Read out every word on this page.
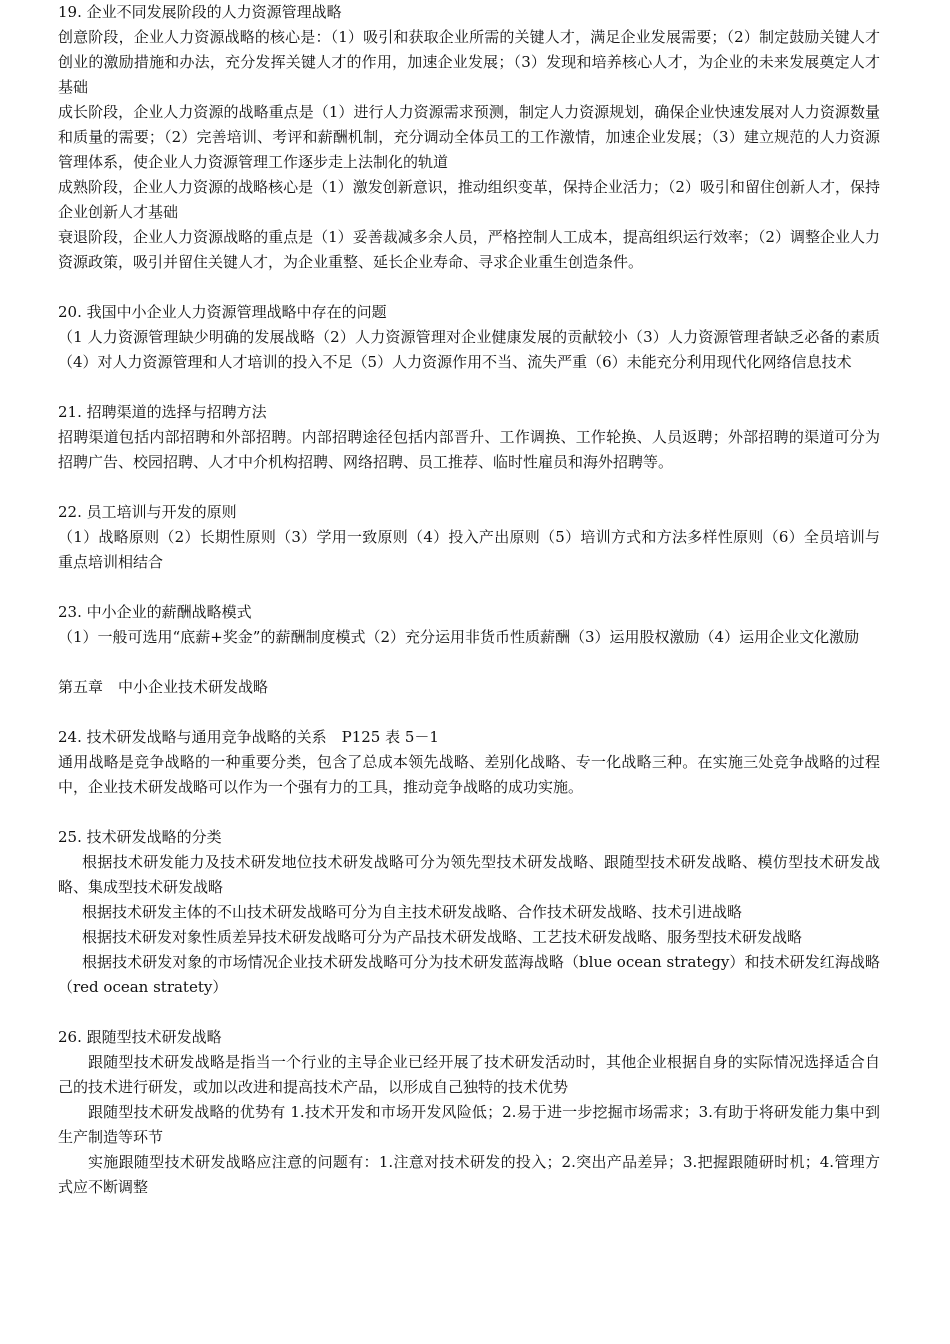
19. 企业不同发展阶段的人力资源管理战略

创意阶段，企业人力资源战略的核心是：（1）吸引和获取企业所需的关键人才，满足企业发展需要；（2）制定鼓励关键人才创业的激励措施和办法，充分发挥关键人才的作用，加速企业发展；（3）发现和培养核心人才，为企业的未来发展奠定人才基础

成长阶段，企业人力资源的战略重点是（1）进行人力资源需求预测，制定人力资源规划，确保企业快速发展对人力资源数量和质量的需要；（2）完善培训、考评和薪酬机制，充分调动全体员工的工作激情，加速企业发展；（3）建立规范的人力资源管理体系，使企业人力资源管理工作逐步走上法制化的轨道

成熟阶段，企业人力资源的战略核心是（1）激发创新意识，推动组织变革，保持企业活力；（2）吸引和留住创新人才，保持企业创新人才基础

衰退阶段，企业人力资源战略的重点是（1）妥善裁减多余人员，严格控制人工成本，提高组织运行效率；（2）调整企业人力资源政策，吸引并留住关键人才，为企业重整、延长企业寿命、寻求企业重生创造条件。

20. 我国中小企业人力资源管理战略中存在的问题

（1 人力资源管理缺少明确的发展战略（2）人力资源管理对企业健康发展的贡献较小（3）人力资源管理者缺乏必备的素质（4）对人力资源管理和人才培训的投入不足（5）人力资源作用不当、流失严重（6）未能充分利用现代化网络信息技术

21. 招聘渠道的选择与招聘方法

招聘渠道包括内部招聘和外部招聘。内部招聘途径包括内部晋升、工作调换、工作轮换、人员返聘；外部招聘的渠道可分为招聘广告、校园招聘、人才中介机构招聘、网络招聘、员工推荐、临时性雇员和海外招聘等。

22. 员工培训与开发的原则

（1）战略原则（2）长期性原则（3）学用一致原则（4）投入产出原则（5）培训方式和方法多样性原则（6）全员培训与重点培训相结合

23. 中小企业的薪酬战略模式

（1）一般可选用“底薪+奖金”的薪酬制度模式（2）充分运用非货币性质薪酬（3）运用股权激励（4）运用企业文化激励

第五章　中小企业技术研发战略

24. 技术研发战略与通用竞争战略的关系　P125 表 5－1

通用战略是竞争战略的一种重要分类，包含了总成本领先战略、差别化战略、专一化战略三种。在实施三处竞争战略的过程中，企业技术研发战略可以作为一个强有力的工具，推动竞争战略的成功实施。

25. 技术研发战略的分类

根据技术研发能力及技术研发地位技术研发战略可分为领先型技术研发战略、跟随型技术研发战略、模仿型技术研发战略、集成型技术研发战略

根据技术研发主体的不山技术研发战略可分为自主技术研发战略、合作技术研发战略、技术引进战略

根据技术研发对象性质差异技术研发战略可分为产品技术研发战略、工艺技术研发战略、服务型技术研发战略

根据技术研发对象的市场情况企业技术研发战略可分为技术研发蓝海战略（blue ocean strategy）和技术研发红海战略（red ocean stratety）

26. 跟随型技术研发战略

跟随型技术研发战略是指当一个行业的主导企业已经开展了技术研发活动时，其他企业根据自身的实际情况选择适合自己的技术进行研发，或加以改进和提高技术产品，以形成自己独特的技术优势

跟随型技术研发战略的优势有 1.技术开发和市场开发风险低；2.易于进一步挖掘市场需求；3.有助于将研发能力集中到生产制造等环节

实施跟随型技术研发战略应注意的问题有：1.注意对技术研发的投入；2.突出产品差异；3.把握跟随研时机；4.管理方式应不断调整
